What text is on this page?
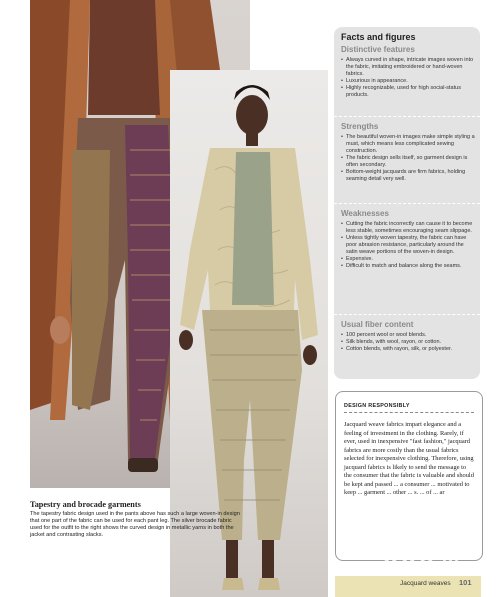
Tapestry and brocade garments
The tapestry fabric design used in the pants above has such a large woven-in design that one part of the fabric can be used for each pant leg. The silver brocade fabric used for the outfit to the right shows the curved design in metallic yarns in both the jacket and contrasting slacks.
Facts and figures
Distinctive features
• Always curved in shape, intricate images woven into the fabric, imitating embroidered or hand-woven fabrics.
• Luxurious in appearance.
• Highly recognizable, used for high social-status products.
Strengths
• The beautiful woven-in images make simple styling a must, which means less complicated sewing construction.
• The fabric design sells itself, so garment design is often secondary.
• Bottom-weight jacquards are firm fabrics, holding seaming detail very well.
Weaknesses
• Cutting the fabric incorrectly can cause it to become less stable, sometimes encouraging seam slippage.
• Unless tightly woven tapestry, the fabric can have poor abrasion resistance, particularly around the satin weave portions of the woven-in design.
• Expensive.
• Difficult to match and balance along the seams.
Usual fiber content
• 100 percent wool or wool blends.
• Silk blends, with wool, rayon, or cotton.
• Cotton blends, with rayon, silk, or polyester.
DESIGN RESPONSIBLY
Jacquard weave fabrics impart elegance and a feeling of investment in the clothing. Rarely, if ever, used in inexpensive "fast fashion," jacquard fabrics are more costly than the usual fabrics selected for inexpensive clothing. Therefore, using jacquard fabrics is likely to send the message to the consumer that the fabric is valuable and should be kept and passed ... a consumer ... motivated to keep ... garment ... other ... s. ... of ... ar
Jacquard weaves 101
WWW ...
